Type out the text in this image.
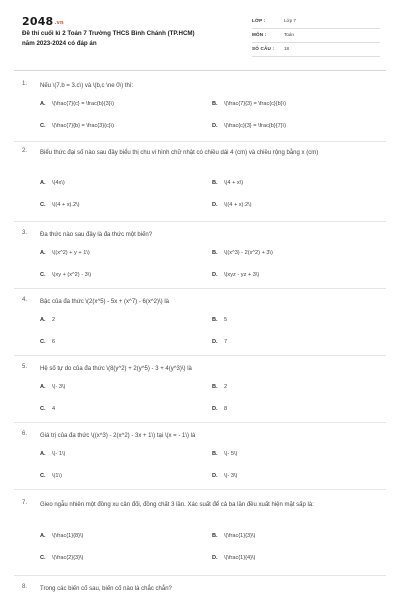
2048.vn
Đề thi cuối kì 2 Toán 7 Trường THCS Bình Chánh (TP.HCM)
năm 2023-2024 có đáp án
LỚP :	Lớp 7
MÔN :	Toán
SỐ CÂU : 18
1. Nếu \(7.b = 3.c\) và \(b,c \ne 0\) thì:
A. \(\frac{7}{c} = \frac{b}{3}\)	B. \(\frac{7}{3} = \frac{c}{b}\)
C. \(\frac{7}{b} = \frac{3}{c}\)	D. \(\frac{c}{3} = \frac{b}{7}\)
2. Biểu thức đại số nào sau đây biểu thị chu vi hình chữ nhật có chiều dài 4 (cm) và chiều rộng bằng x (cm)
A. \(4x\)	B. \(4 + x\)
C. \((4 + x).2\)	D. \((4 + x):2\)
3. Đa thức nào sau đây là đa thức một biến?
A. \((x^2) + y + 1\)	B. \((x^3) - 2(x^2) + 3\)
C. \(xy + (x^2) - 3\)	D. \(xyz - yz + 3\)
4. Bậc của đa thức \(2(x^5) - 5x + (x^7) - 6(x^2)\) là
A. 2	B. 5
C. 6	D. 7
5. Hệ số tự do của đa thức \(8(y^2) + 2(y^5) - 3 + 4(y^3)\) là
A. \(- 3\)	B. 2
C. 4	D. 8
6. Giá trị của đa thức \((x^3) - 2(x^2) - 3x + 1\) tại \(x = - 1\) là
A. \(- 1\)	B. \(- 5\)
C. \(1\)	D. \(- 3\)
7. Gieo ngẫu nhiên một đồng xu cân đối, đồng chất 3 lần. Xác suất để cả ba lần đều xuất hiện mặt sấp là:
A. \(\frac{1}{8}\)	B. \(\frac{1}{3}\)
C. \(\frac{2}{3}\)	D. \(\frac{1}{4}\)
8. Trong các biến cố sau, biến cố nào là chắc chắn?
